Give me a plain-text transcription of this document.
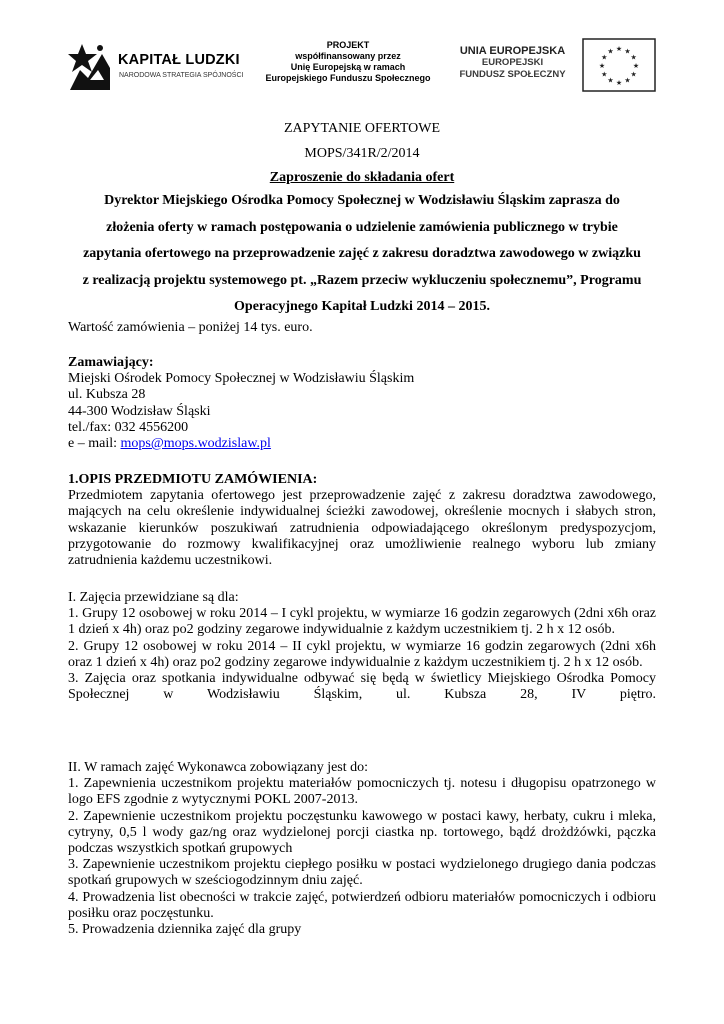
KAPITAŁ LUDZKI
NARODOWA STRATEGIA SPÓJNOŚCI
PROJEKT
współfinansowany przez
Unię Europejską w ramach
Europejskiego Funduszu Społecznego
UNIA EUROPEJSKA
EUROPEJSKI
FUNDUSZ SPOŁECZNY
★ ★
★
★
★
★
★
★
★
★
★
★
ZAPYTANIE OFERTOWE
MOPS/341R/2/2014
Zaproszenie do składania ofert
Dyrektor Miejskiego Ośrodka Pomocy Społecznej w Wodzisławiu Śląskim zaprasza do
złożenia oferty w ramach postępowania o udzielenie zamówienia publicznego w trybie
zapytania ofertowego na przeprowadzenie zajęć z zakresu doradztwa zawodowego w związku
z realizacją projektu systemowego pt. „Razem przeciw wykluczeniu społecznemu”, Programu
Operacyjnego Kapitał Ludzki 2014 – 2015.
Wartość zamówienia – poniżej 14 tys. euro.
Zamawiający:
Miejski Ośrodek Pomocy Społecznej w Wodzisławiu Śląskim
ul. Kubsza 28
44-300 Wodzisław Śląski
tel./fax: 032 4556200
e – mail: mops@mops.wodzislaw.pl
1.OPIS PRZEDMIOTU ZAMÓWIENIA:
Przedmiotem zapytania ofertowego jest przeprowadzenie zajęć z zakresu doradztwa zawodowego, mających na celu określenie indywidualnej ścieżki zawodowej, określenie mocnych i słabych stron, wskazanie kierunków poszukiwań zatrudnienia odpowiadającego określonym predyspozycjom, przygotowanie do rozmowy kwalifikacyjnej oraz umożliwienie realnego wyboru lub zmiany zatrudnienia każdemu uczestnikowi.
I. Zajęcia przewidziane są dla:
1. Grupy 12 osobowej w roku 2014 – I cykl projektu, w wymiarze 16 godzin zegarowych (2dni x6h oraz 1 dzień x 4h) oraz po2 godziny zegarowe indywidualnie z każdym uczestnikiem tj. 2 h x 12 osób.
2. Grupy 12 osobowej w roku 2014 – II cykl projektu, w wymiarze 16 godzin zegarowych (2dni x6h oraz 1 dzień x 4h) oraz po2 godziny zegarowe indywidualnie z każdym uczestnikiem tj. 2 h x 12 osób.
3. Zajęcia oraz spotkania indywidualne odbywać się będą w świetlicy Miejskiego Ośrodka Pomocy Społecznej w Wodzisławiu Śląskim, ul. Kubsza 28, IV piętro.
II. W ramach zajęć Wykonawca zobowiązany jest do:
1. Zapewnienia uczestnikom projektu materiałów pomocniczych tj. notesu i długopisu opatrzonego w logo EFS zgodnie z wytycznymi POKL 2007-2013.
2. Zapewnienie uczestnikom projektu poczęstunku kawowego w postaci kawy, herbaty, cukru i mleka, cytryny, 0,5 l wody gaz/ng oraz wydzielonej porcji ciastka np. tortowego, bądź drożdżówki, pączka podczas wszystkich spotkań grupowych
3. Zapewnienie uczestnikom projektu ciepłego posiłku w postaci wydzielonego drugiego dania podczas spotkań grupowych w sześciogodzinnym dniu zajęć.
4. Prowadzenia list obecności w trakcie zajęć, potwierdzeń odbioru materiałów pomocniczych i odbioru posiłku oraz poczęstunku.
5. Prowadzenia dziennika zajęć dla grupy
